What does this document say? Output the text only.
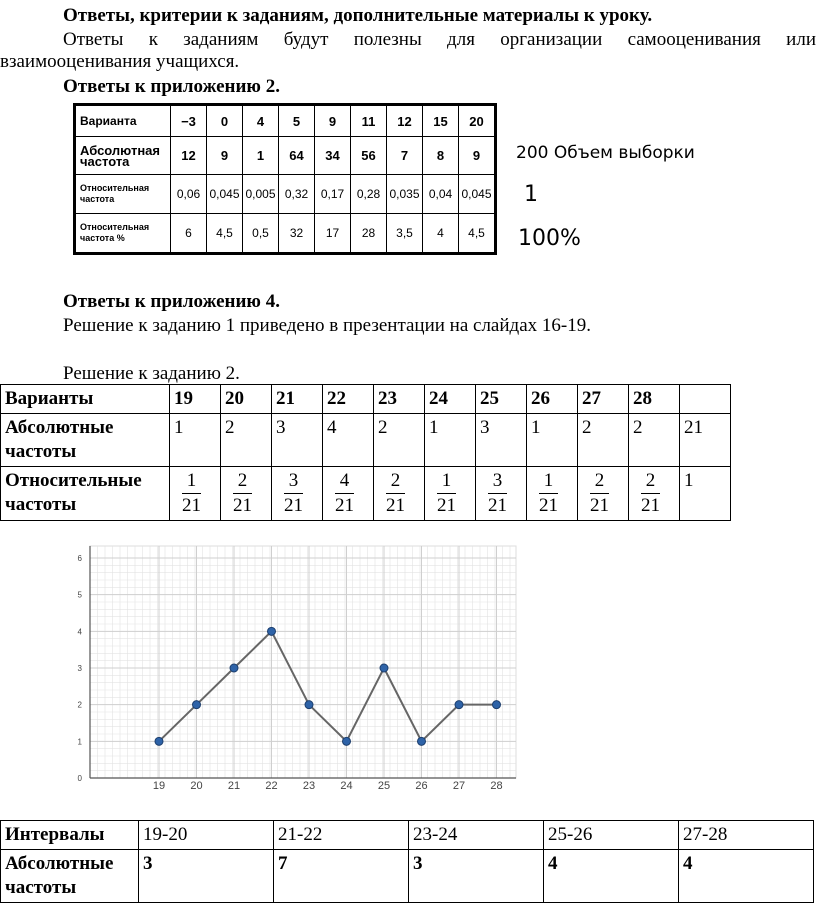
Ответы, критерии к заданиям, дополнительные материалы к уроку.
Ответы к заданиям будут полезны для организации самооценивания или
взаимооценивания учащихся.
Ответы к приложению 2.
Варианта	−3	0	4	5	9	11	12	15	20
Абсолютная частота	12	9	1	64	34	56	7	8	9
Относительная частота	0,06	0,045	0,005	0,32	0,17	0,28	0,035	0,04	0,045
Относительная частота %	6	4,5	0,5	32	17	28	3,5	4	4,5
200 Объем выборки
1
100%
Ответы к приложению 4.
Решение к заданию 1 приведено в презентации на слайдах 16-19.
Решение к заданию 2.
Варианты	19	20	21	22	23	24	25	26	27	28	
Абсолютные частоты	1	2	3	4	2	1	3	1	2	2	21
Относительные частоты	$\frac{1}{21}$	$\frac{2}{21}$	$\frac{3}{21}$	$\frac{4}{21}$	$\frac{2}{21}$	$\frac{1}{21}$	$\frac{3}{21}$	$\frac{1}{21}$	$\frac{2}{21}$	$\frac{2}{21}$	1
0
1
2
3
4
5
6
19 20 21 22 23 24 25 26 27 28
Интервалы	19-20	21-22	23-24	25-26	27-28
Абсолютные частоты	3	7	3	4	4
